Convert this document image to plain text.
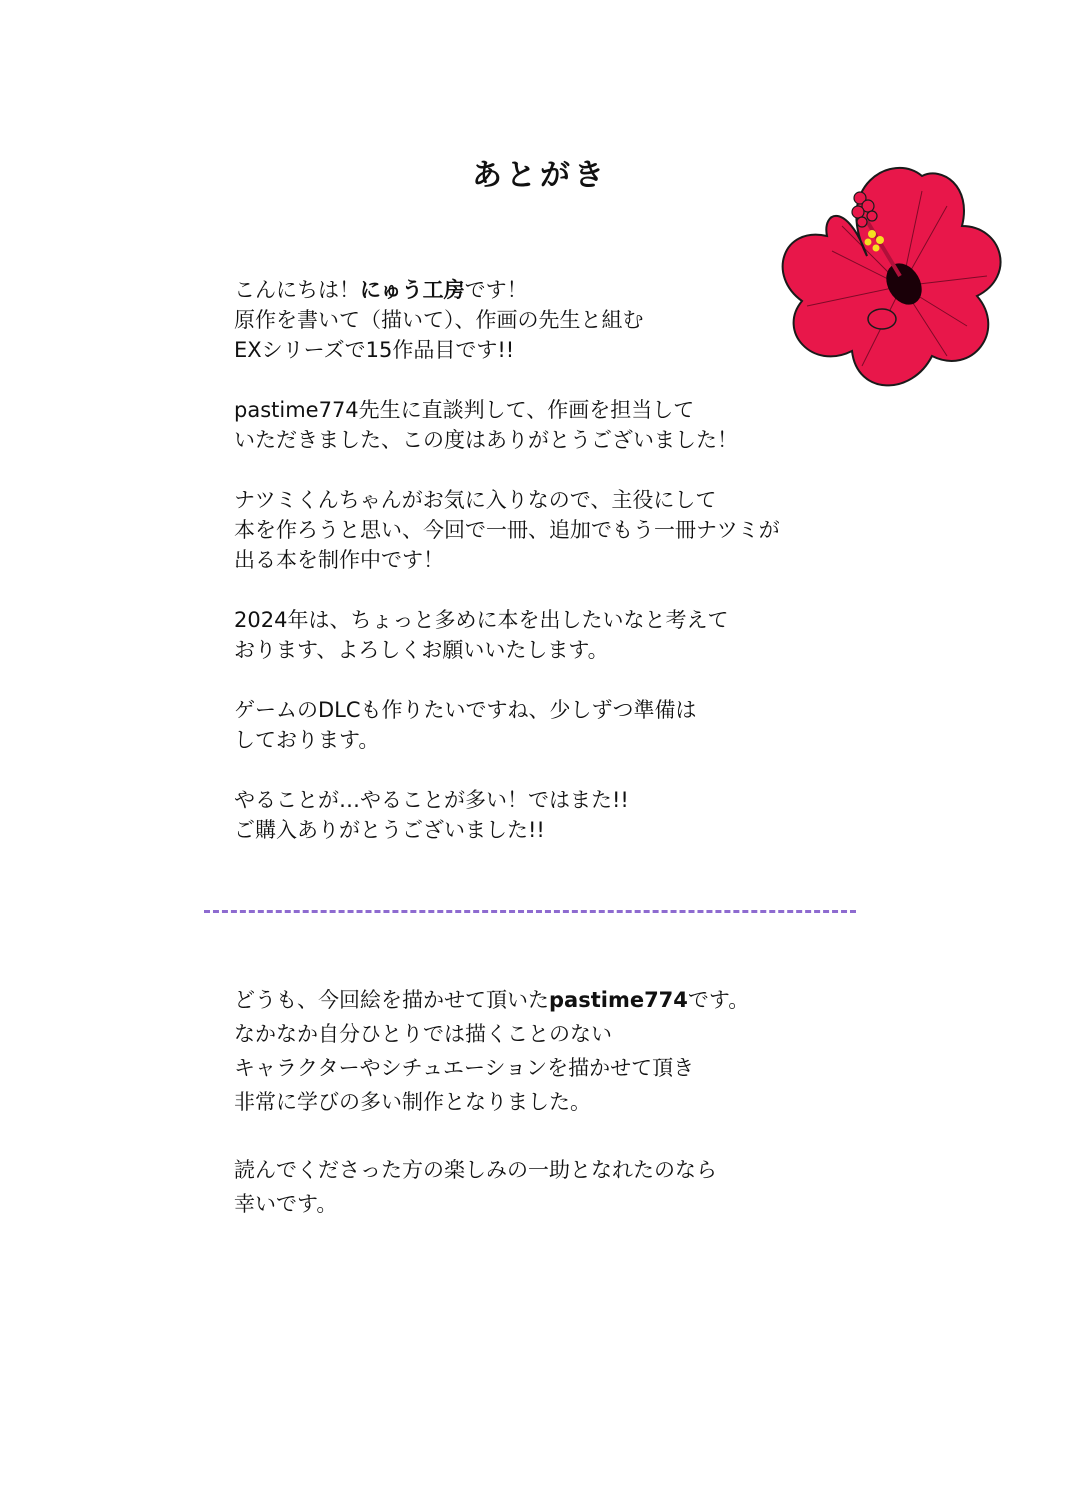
あとがき
こんにちは！にゅう工房です！
原作を書いて（描いて）、作画の先生と組む
EXシリーズで15作品目です!!
pastime774先生に直談判して、作画を担当して
いただきました、この度はありがとうございました！
ナツミくんちゃんがお気に入りなので、主役にして
本を作ろうと思い、今回で一冊、追加でもう一冊ナツミが
出る本を制作中です！
2024年は、ちょっと多めに本を出したいなと考えて
おります、よろしくお願いいたします。
ゲームのDLCも作りたいですね、少しずつ準備は
しております。
やることが…やることが多い！ではまた!!
ご購入ありがとうございました!!
どうも、今回絵を描かせて頂いたpastime774です。
なかなか自分ひとりでは描くことのない
キャラクターやシチュエーションを描かせて頂き
非常に学びの多い制作となりました。
読んでくださった方の楽しみの一助となれたのなら
幸いです。
